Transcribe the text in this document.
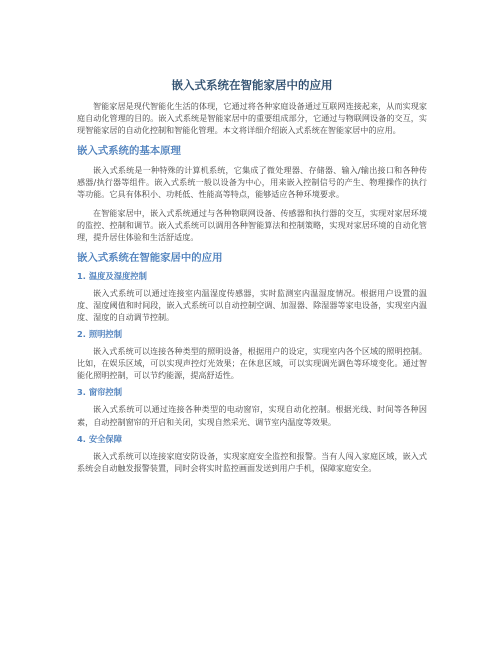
嵌入式系统在智能家居中的应用

智能家居是现代智能化生活的体现，它通过将各种家庭设备通过互联网连接起来，从而实现家庭自动化管理的目的。嵌入式系统是智能家居中的重要组成部分，它通过与物联网设备的交互，实现智能家居的自动化控制和智能化管理。本文将详细介绍嵌入式系统在智能家居中的应用。

嵌入式系统的基本原理

嵌入式系统是一种特殊的计算机系统，它集成了微处理器、存储器、输入/输出接口和各种传感器/执行器等组件。嵌入式系统一般以设备为中心，用来嵌入控制信号的产生、物理操作的执行等功能。它具有体积小、功耗低、性能高等特点，能够适应各种环境要求。

在智能家居中，嵌入式系统通过与各种物联网设备、传感器和执行器的交互，实现对家居环境的监控、控制和调节。嵌入式系统可以调用各种智能算法和控制策略，实现对家居环境的自动化管理，提升居住体验和生活舒适度。

嵌入式系统在智能家居中的应用
1. 温度及湿度控制

嵌入式系统可以通过连接室内温湿度传感器，实时监测室内温湿度情况。根据用户设置的温度、湿度阈值和时间段，嵌入式系统可以自动控制空调、加湿器、除湿器等家电设备，实现室内温度、湿度的自动调节控制。

2. 照明控制

嵌入式系统可以连接各种类型的照明设备，根据用户的设定，实现室内各个区域的照明控制。比如，在娱乐区域，可以实现声控灯光效果；在休息区域，可以实现调光调色等环境变化。通过智能化照明控制，可以节约能源，提高舒适性。

3. 窗帘控制

嵌入式系统可以通过连接各种类型的电动窗帘，实现自动化控制。根据光线、时间等各种因素，自动控制窗帘的开启和关闭，实现自然采光、调节室内温度等效果。

4. 安全保障

嵌入式系统可以连接家庭安防设备，实现家庭安全监控和报警。当有人闯入家庭区域，嵌入式系统会自动触发报警装置，同时会将实时监控画面发送到用户手机，保障家庭安全。
